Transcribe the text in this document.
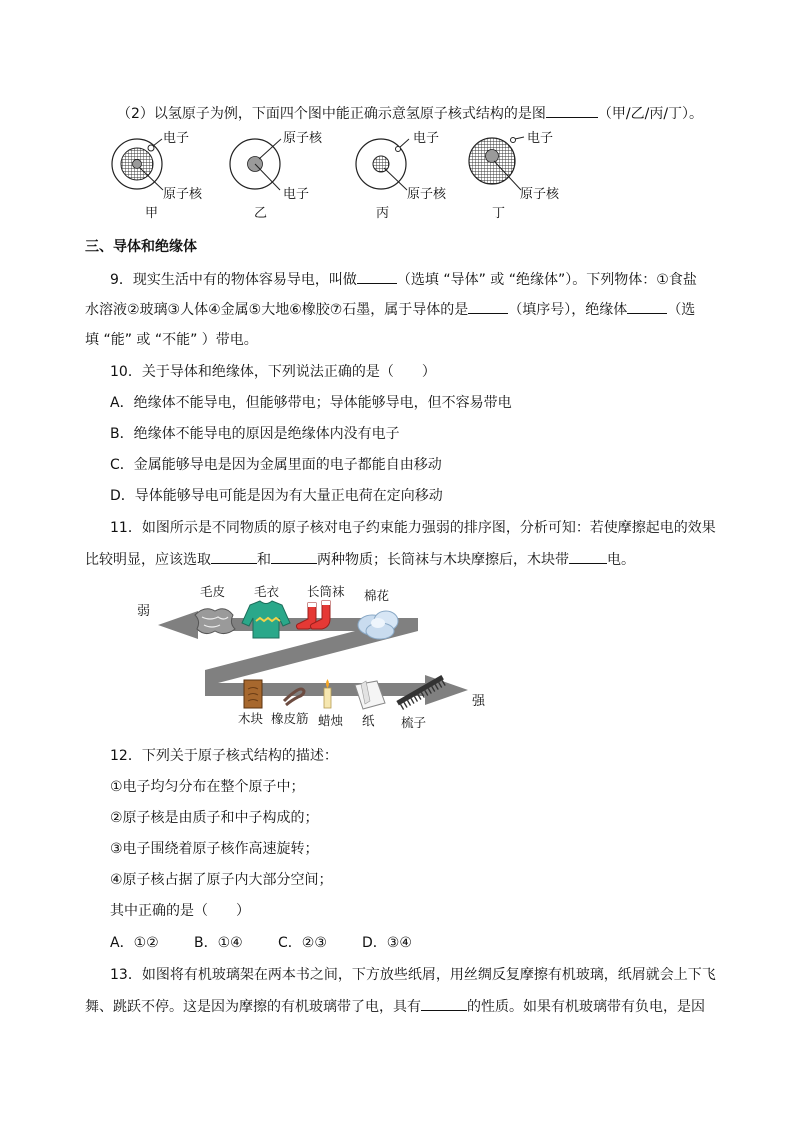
（2）以氢原子为例，下面四个图中能正确示意氢原子核式结构的是图	（甲/乙/丙/丁）。
电子
原子核
甲
原子核
电子
乙
电子
原子核
丙
电子
原子核
丁
三、导体和绝缘体
9．现实生活中有的物体容易导电，叫做	（选填 “导体” 或 “绝缘体”）。下列物体：①食盐
水溶液②玻璃③人体④金属⑤大地⑥橡胶⑦石墨，属于导体的是	（填序号），绝缘体	（选
填 “能” 或 “不能” ）带电。
10．关于导体和绝缘体，下列说法正确的是（　　）
A．绝缘体不能导电，但能够带电；导体能够导电，但不容易带电
B．绝缘体不能导电的原因是绝缘体内没有电子
C．金属能够导电是因为金属里面的电子都能自由移动
D．导体能够导电可能是因为有大量正电荷在定向移动
11．如图所示是不同物质的原子核对电子约束能力强弱的排序图，分析可知：若使摩擦起电的效果
比较明显，应该选取	和	两种物质；长筒袜与木块摩擦后，木块带	电。
弱
强
毛皮 毛衣 长筒袜 棉花
木块 橡皮筋 蜡烛 纸 梳子
12．下列关于原子核式结构的描述：
①电子均匀分布在整个原子中；
②原子核是由质子和中子构成的；
③电子围绕着原子核作高速旋转；
④原子核占据了原子内大部分空间；
其中正确的是（　　）
A．①②	B．①④	C．②③	D．③④
13．如图将有机玻璃架在两本书之间，下方放些纸屑，用丝绸反复摩擦有机玻璃，纸屑就会上下飞
舞、跳跃不停。这是因为摩擦的有机玻璃带了电，具有	的性质。如果有机玻璃带有负电，是因
